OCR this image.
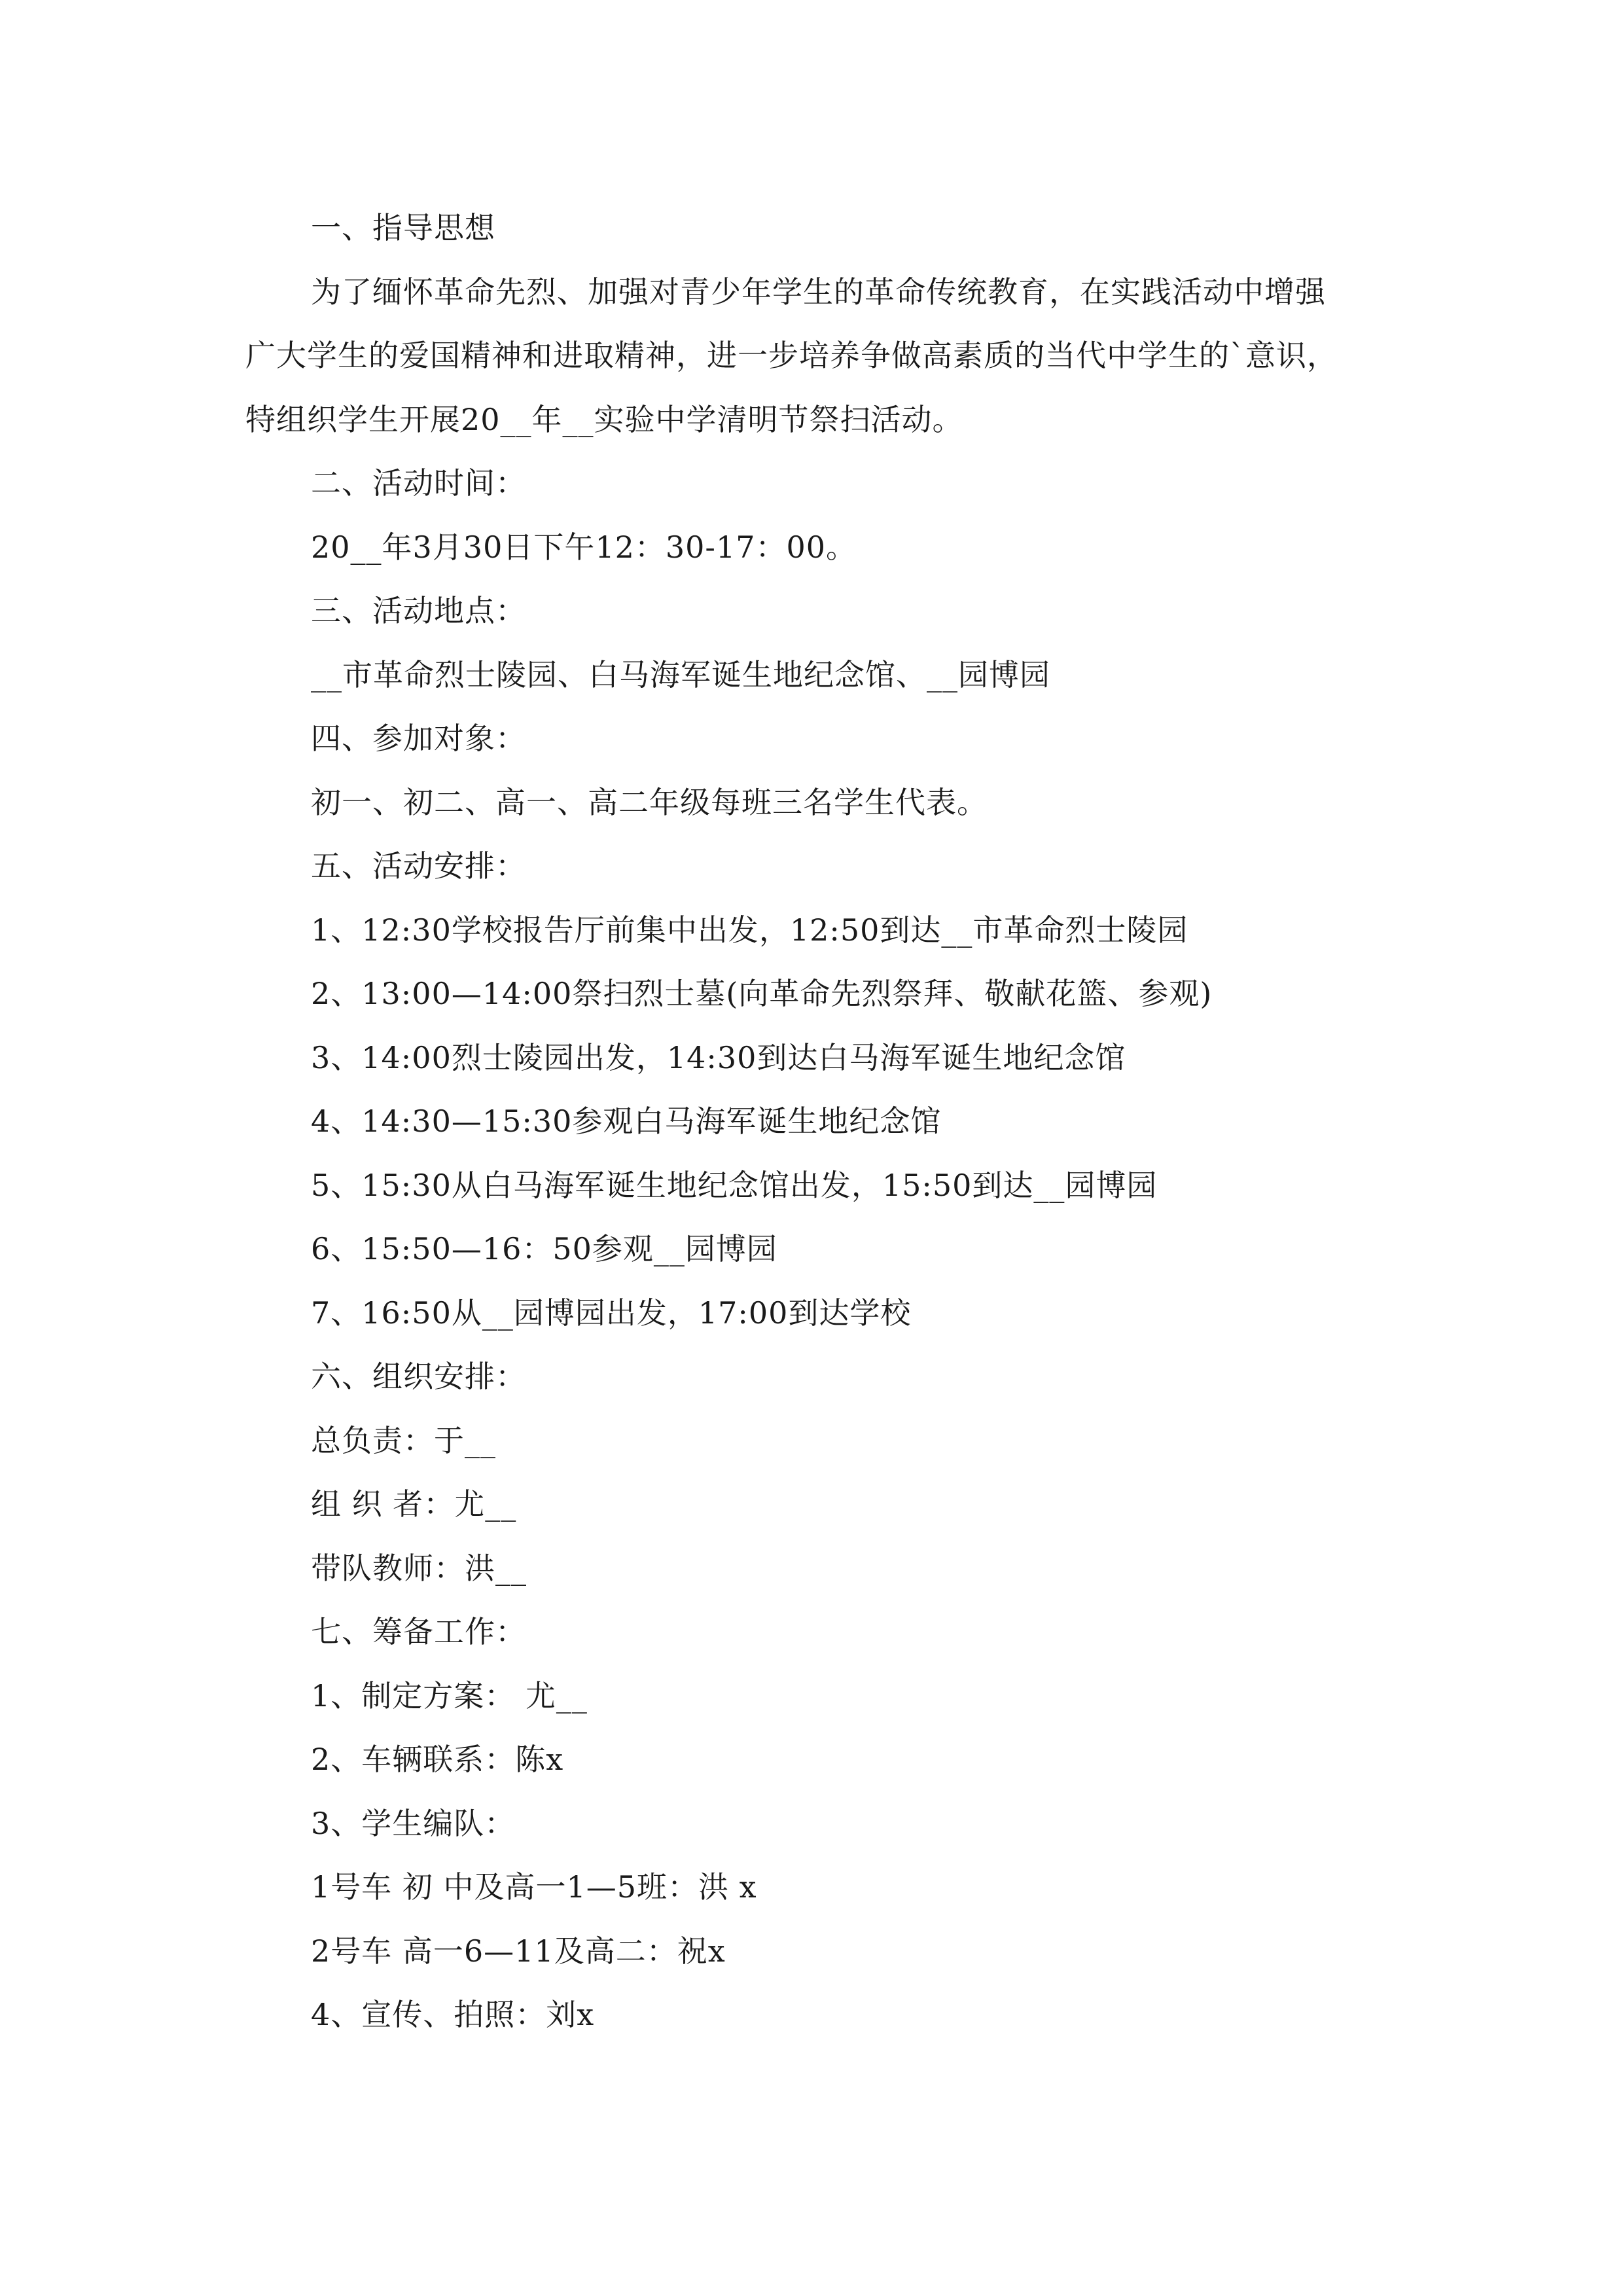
一、指导思想
为了缅怀革命先烈、加强对青少年学生的革命传统教育，在实践活动中增强
广大学生的爱国精神和进取精神，进一步培养争做高素质的当代中学生的`意识，
特组织学生开展20__年__实验中学清明节祭扫活动。
二、活动时间：
20__年3月30日下午12：30-17：00。
三、活动地点：
__市革命烈士陵园、白马海军诞生地纪念馆、__园博园
四、参加对象：
初一、初二、高一、高二年级每班三名学生代表。
五、活动安排：
1、12:30学校报告厅前集中出发，12:50到达__市革命烈士陵园
2、13:00—14:00祭扫烈士墓(向革命先烈祭拜、敬献花篮、参观)
3、14:00烈士陵园出发，14:30到达白马海军诞生地纪念馆
4、14:30—15:30参观白马海军诞生地纪念馆
5、15:30从白马海军诞生地纪念馆出发，15:50到达__园博园
6、15:50—16：50参观__园博园
7、16:50从__园博园出发，17:00到达学校
六、组织安排：
总负责：于__
组 织 者：尤__
带队教师：洪__
七、筹备工作：
1、制定方案： 尤__
2、车辆联系：陈x
3、学生编队：
1号车 初 中及高一1—5班：洪 x
2号车 高一6—11及高二：祝x
4、宣传、拍照：刘x
